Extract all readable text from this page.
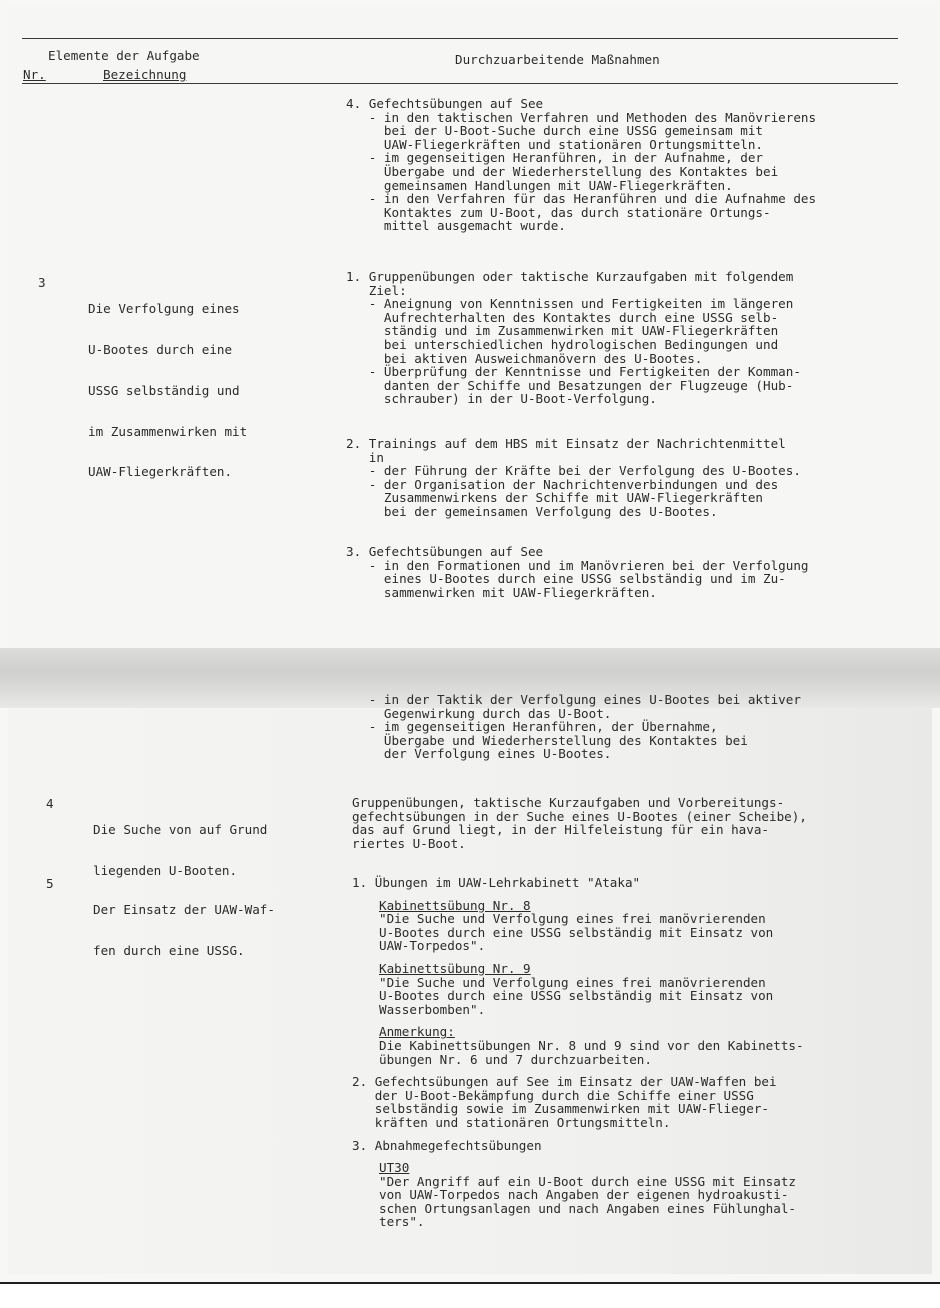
Elemente der Aufgabe
Nr.	Bezeichnung
Durchzuarbeitende Maßnahmen
4. Gefechtsübungen auf See
- in den taktischen Verfahren und Methoden des Manövrierens
bei der U-Boot-Suche durch eine USSG gemeinsam mit
UAW-Fliegerkräften und stationären Ortungsmitteln.
- im gegenseitigen Heranführen, in der Aufnahme, der
Übergabe und der Wiederherstellung des Kontaktes bei
gemeinsamen Handlungen mit UAW-Fliegerkräften.
- in den Verfahren für das Heranführen und die Aufnahme des
Kontaktes zum U-Boot, das durch stationäre Ortungs-
mittel ausgemacht wurde.
3

Die Verfolgung eines

U-Bootes durch eine

USSG selbständig und

im Zusammenwirken mit

UAW-Fliegerkräften.

1. Gruppenübungen oder taktische Kurzaufgaben mit folgendem
Ziel:
- Aneignung von Kenntnissen und Fertigkeiten im längeren
Aufrechterhalten des Kontaktes durch eine USSG selb-
ständig und im Zusammenwirken mit UAW-Fliegerkräften
bei unterschiedlichen hydrologischen Bedingungen und
bei aktiven Ausweichmanövern des U-Bootes.
- Überprüfung der Kenntnisse und Fertigkeiten der Komman-
danten der Schiffe und Besatzungen der Flugzeuge (Hub-
schrauber) in der U-Boot-Verfolgung.
2. Trainings auf dem HBS mit Einsatz der Nachrichtenmittel
in
- der Führung der Kräfte bei der Verfolgung des U-Bootes.
- der Organisation der Nachrichtenverbindungen und des
Zusammenwirkens der Schiffe mit UAW-Fliegerkräften
bei der gemeinsamen Verfolgung des U-Bootes.
3. Gefechtsübungen auf See
- in den Formationen und im Manövrieren bei der Verfolgung
eines U-Bootes durch eine USSG selbständig und im Zu-
sammenwirken mit UAW-Fliegerkräften.
- in der Taktik der Verfolgung eines U-Bootes bei aktiver
Gegenwirkung durch das U-Boot.
- im gegenseitigen Heranführen, der Übernahme,
Übergabe und Wiederherstellung des Kontaktes bei
der Verfolgung eines U-Bootes.
4

Die Suche von auf Grund

liegenden U-Booten.

Gruppenübungen, taktische Kurzaufgaben und Vorbereitungs-
gefechtsübungen in der Suche eines U-Bootes (einer Scheibe),
das auf Grund liegt, in der Hilfeleistung für ein hava-
riertes U-Boot.
5

Der Einsatz der UAW-Waf-

fen durch eine USSG.

1. Übungen im UAW-Lehrkabinett "Ataka"
Kabinettsübung Nr. 8
"Die Suche und Verfolgung eines frei manövrierenden
U-Bootes durch eine USSG selbständig mit Einsatz von
UAW-Torpedos".
Kabinettsübung Nr. 9
"Die Suche und Verfolgung eines frei manövrierenden
U-Bootes durch eine USSG selbständig mit Einsatz von
Wasserbomben".
Anmerkung:
Die Kabinettsübungen Nr. 8 und 9 sind vor den Kabinetts-
übungen Nr. 6 und 7 durchzuarbeiten.
2. Gefechtsübungen auf See im Einsatz der UAW-Waffen bei
der U-Boot-Bekämpfung durch die Schiffe einer USSG
selbständig sowie im Zusammenwirken mit UAW-Flieger-
kräften und stationären Ortungsmitteln.
3. Abnahmegefechtsübungen
UT30
"Der Angriff auf ein U-Boot durch eine USSG mit Einsatz
von UAW-Torpedos nach Angaben der eigenen hydroakusti-
schen Ortungsanlagen und nach Angaben eines Fühlunghal-
ters".
